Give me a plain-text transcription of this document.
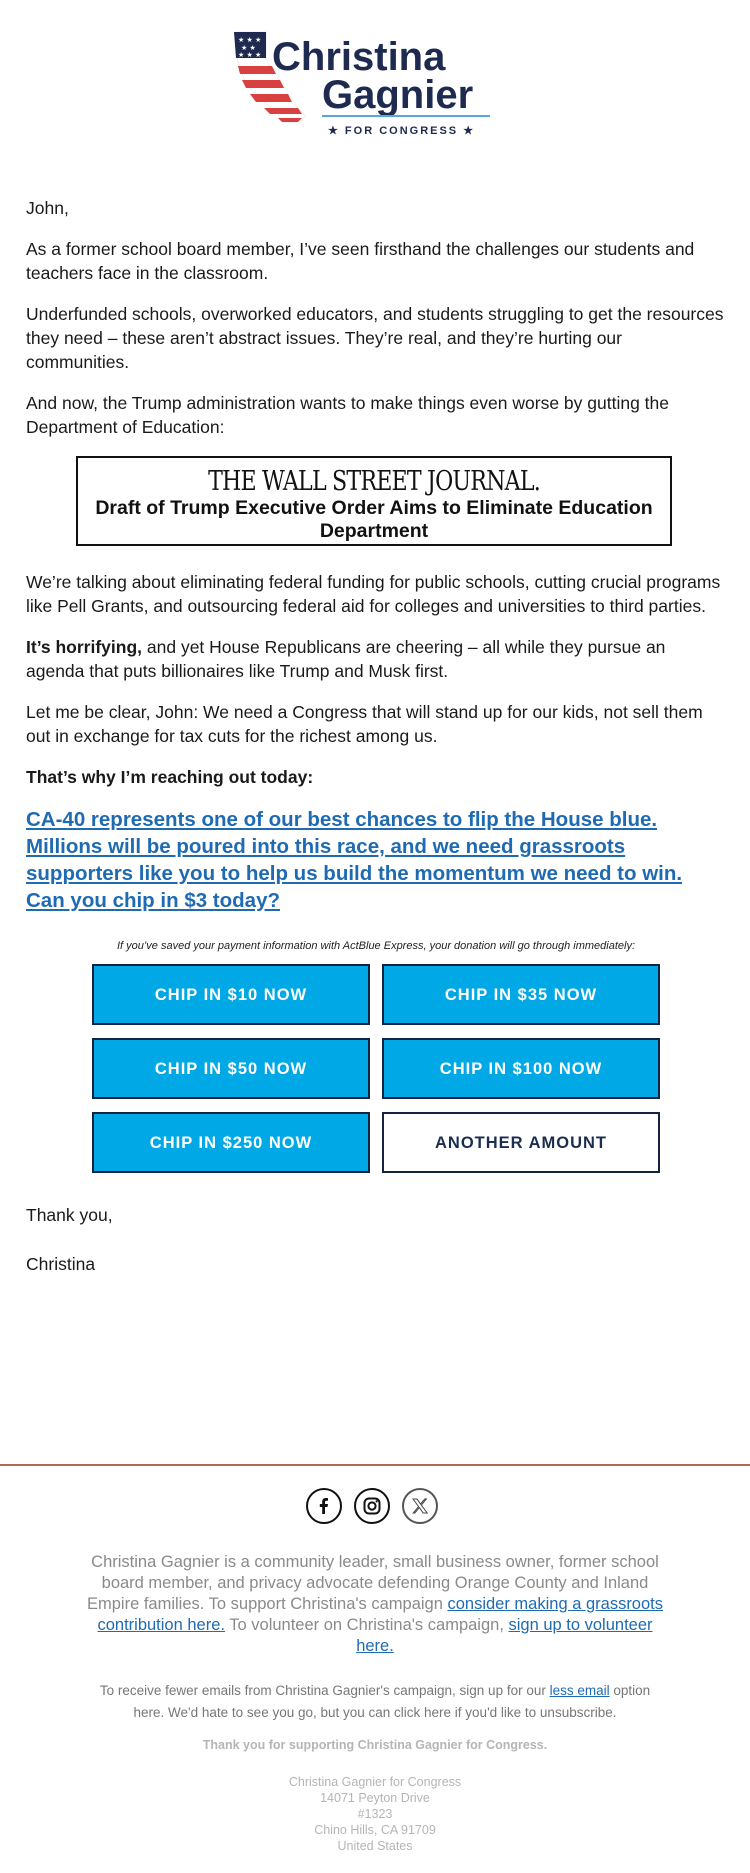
★ ★ ★
★ ★
★ ★ ★ Christina
Gagnier
★ FOR CONGRESS ★

John,

As a former school board member, I’ve seen firsthand the challenges our students and teachers face in the classroom.

Underfunded schools, overworked educators, and students struggling to get the resources they need – these aren’t abstract issues. They’re real, and they’re hurting our communities.

And now, the Trump administration wants to make things even worse by gutting the Department of Education:

THE WALL STREET JOURNAL.
Draft of Trump Executive Order Aims to Eliminate Education Department

We’re talking about eliminating federal funding for public schools, cutting crucial programs like Pell Grants, and outsourcing federal aid for colleges and universities to third parties.

It’s horrifying, and yet House Republicans are cheering – all while they pursue an agenda that puts billionaires like Trump and Musk first.

Let me be clear, John: We need a Congress that will stand up for our kids, not sell them out in exchange for tax cuts for the richest among us.

That’s why I’m reaching out today:

CA-40 represents one of our best chances to flip the House blue. Millions will be poured into this race, and we need grassroots supporters like you to help us build the momentum we need to win. Can you chip in $3 today?
If you’ve saved your payment information with ActBlue Express, your donation will go through immediately:
CHIP IN $10 NOW	CHIP IN $35 NOW
CHIP IN $50 NOW	CHIP IN $100 NOW
CHIP IN $250 NOW	ANOTHER AMOUNT

Thank you,

Christina

Christina Gagnier is a community leader, small business owner, former school board member, and privacy advocate defending Orange County and Inland Empire families. To support Christina's campaign consider making a grassroots contribution here. To volunteer on Christina's campaign, sign up to volunteer here.
To receive fewer emails from Christina Gagnier's campaign, sign up for our less email option here. We'd hate to see you go, but you can click here if you'd like to unsubscribe.
Thank you for supporting Christina Gagnier for Congress.
Christina Gagnier for Congress
14071 Peyton Drive
#1323
Chino Hills, CA 91709
United States
